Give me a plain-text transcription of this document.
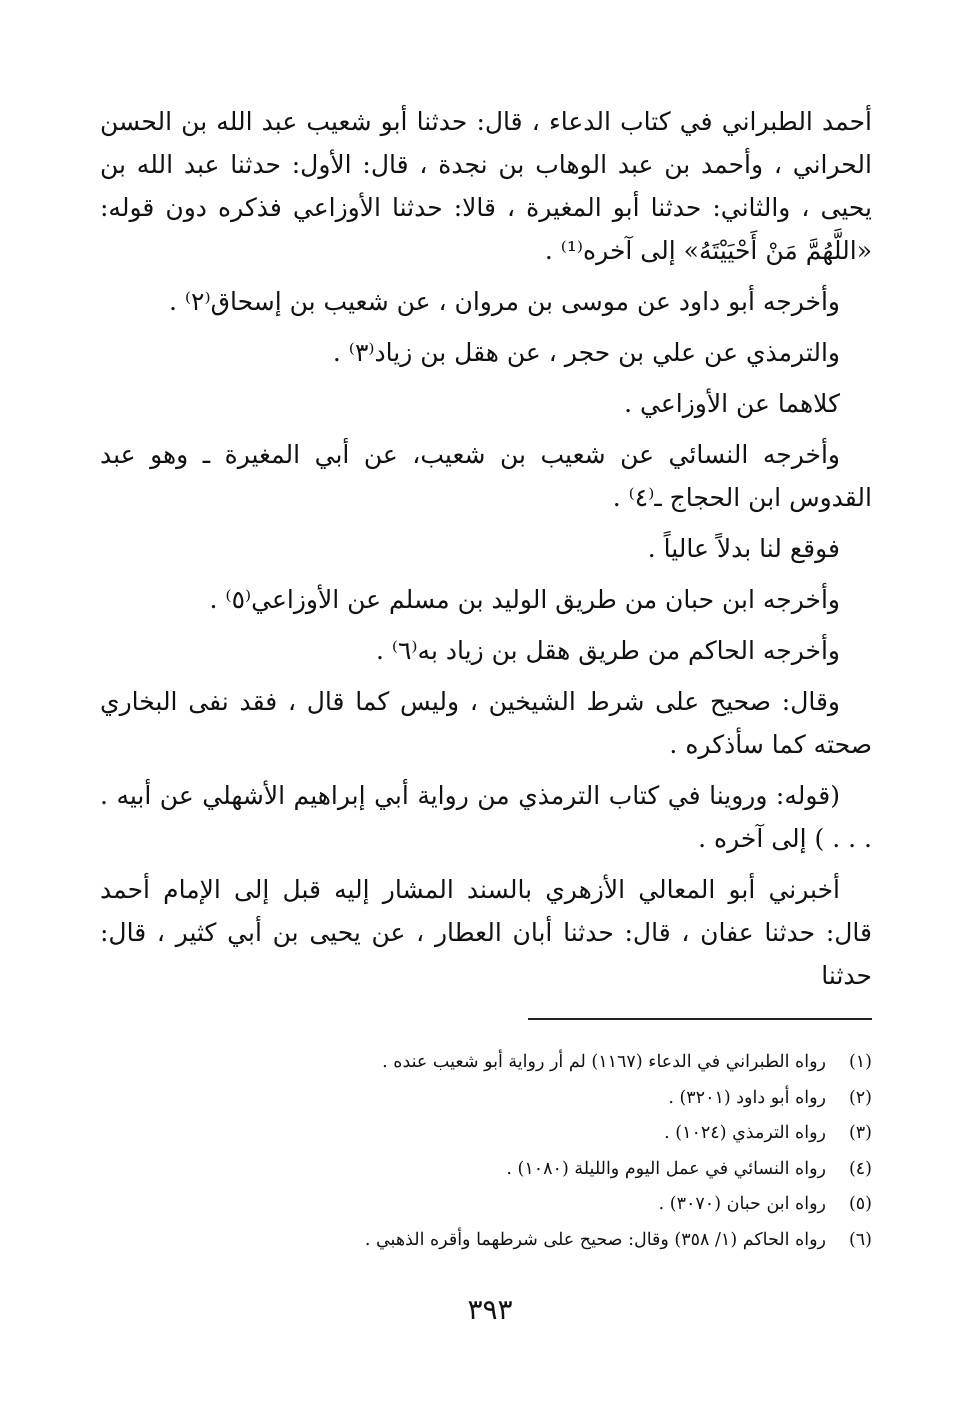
أحمد الطبراني في كتاب الدعاء ، قال: حدثنا أبو شعيب عبد الله بن الحسن الحراني ، وأحمد بن عبد الوهاب بن نجدة ، قال: الأول: حدثنا عبد الله بن يحيى ، والثاني: حدثنا أبو المغيرة ، قالا: حدثنا الأوزاعي فذكره دون قوله: «اللَّهُمَّ مَنْ أَحْيَيْتَهُ» إلى آخره⁽¹⁾ .

وأخرجه أبو داود عن موسى بن مروان ، عن شعيب بن إسحاق⁽٢⁾ .

والترمذي عن علي بن حجر ، عن هقل بن زياد⁽٣⁾ .

كلاهما عن الأوزاعي .

وأخرجه النسائي عن شعيب بن شعيب، عن أبي المغيرة ـ وهو عبد القدوس ابن الحجاج ـ⁽٤⁾ .

فوقع لنا بدلاً عالياً .

وأخرجه ابن حبان من طريق الوليد بن مسلم عن الأوزاعي⁽٥⁾ .

وأخرجه الحاكم من طريق هقل بن زياد به⁽٦⁾ .

وقال: صحيح على شرط الشيخين ، وليس كما قال ، فقد نفى البخاري صحته كما سأذكره .

(قوله: وروينا في كتاب الترمذي من رواية أبي إبراهيم الأشهلي عن أبيه . . . . ) إلى آخره .

أخبرني أبو المعالي الأزهري بالسند المشار إليه قبل إلى الإمام أحمد قال: حدثنا عفان ، قال: حدثنا أبان العطار ، عن يحيى بن أبي كثير ، قال: حدثنا

(١)
رواه الطبراني في الدعاء (١١٦٧) لم أر رواية أبو شعيب عنده .
(٢)
رواه أبو داود (٣٢٠١) .
(٣)
رواه الترمذي (١٠٢٤) .
(٤)
رواه النسائي في عمل اليوم والليلة (١٠٨٠) .
(٥)
رواه ابن حبان (٣٠٧٠) .
(٦)
رواه الحاكم (١/ ٣٥٨) وقال: صحيح على شرطهما وأقره الذهبي .
٣٩٣
